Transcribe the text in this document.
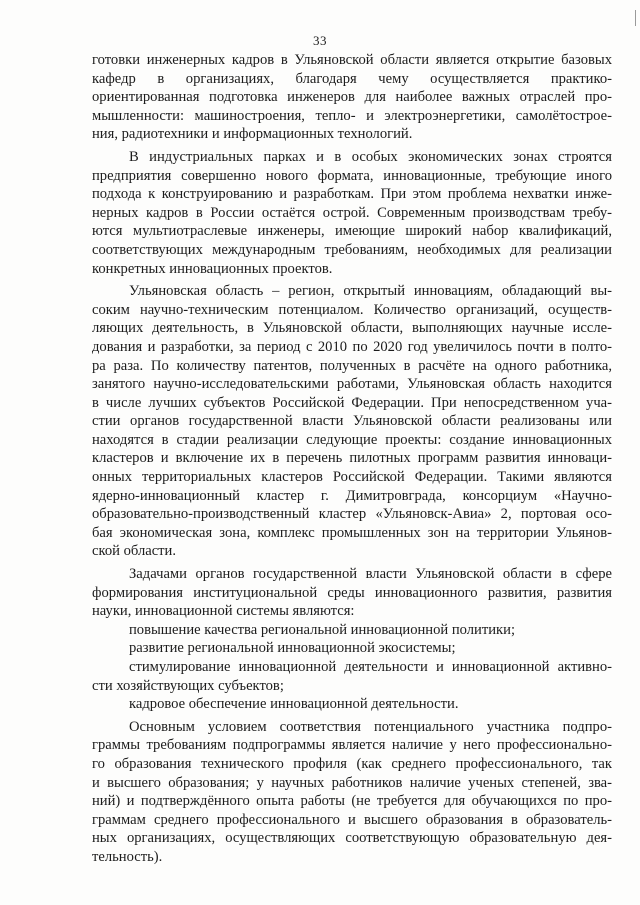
33
готовки инженерных кадров в Ульяновской области является открытие базовых
кафедр в организациях, благодаря чему осуществляется практико-
ориентированная подготовка инженеров для наиболее важных отраслей про-
мышленности: машиностроения, тепло- и электроэнергетики, самолётострое-
ния, радиотехники и информационных технологий.
В индустриальных парках и в особых экономических зонах строятся
предприятия совершенно нового формата, инновационные, требующие иного
подхода к конструированию и разработкам. При этом проблема нехватки инже-
нерных кадров в России остаётся острой. Современным производствам требу-
ются мультиотраслевые инженеры, имеющие широкий набор квалификаций,
соответствующих международным требованиям, необходимых для реализации
конкретных инновационных проектов.
Ульяновская область – регион, открытый инновациям, обладающий вы-
соким научно-техническим потенциалом. Количество организаций, осуществ-
ляющих деятельность, в Ульяновской области, выполняющих научные иссле-
дования и разработки, за период с 2010 по 2020 год увеличилось почти в полто-
ра раза. По количеству патентов, полученных в расчёте на одного работника,
занятого научно-исследовательскими работами, Ульяновская область находится
в числе лучших субъектов Российской Федерации. При непосредственном уча-
стии органов государственной власти Ульяновской области реализованы или
находятся в стадии реализации следующие проекты: создание инновационных
кластеров и включение их в перечень пилотных программ развития инноваци-
онных территориальных кластеров Российской Федерации. Такими являются
ядерно-инновационный кластер г. Димитровграда, консорциум «Научно-
образовательно-производственный кластер «Ульяновск-Авиа» 2, портовая осо-
бая экономическая зона, комплекс промышленных зон на территории Ульянов-
ской области.
Задачами органов государственной власти Ульяновской области в сфере
формирования институциональной среды инновационного развития, развития
науки, инновационной системы являются:
повышение качества региональной инновационной политики;
развитие региональной инновационной экосистемы;
стимулирование инновационной деятельности и инновационной активно-
сти хозяйствующих субъектов;
кадровое обеспечение инновационной деятельности.
Основным условием соответствия потенциального участника подпро-
граммы требованиям подпрограммы является наличие у него профессионально-
го образования технического профиля (как среднего профессионального, так
и высшего образования; у научных работников наличие ученых степеней, зва-
ний) и подтверждённого опыта работы (не требуется для обучающихся по про-
граммам среднего профессионального и высшего образования в образователь-
ных организациях, осуществляющих соответствующую образовательную дея-
тельность).
